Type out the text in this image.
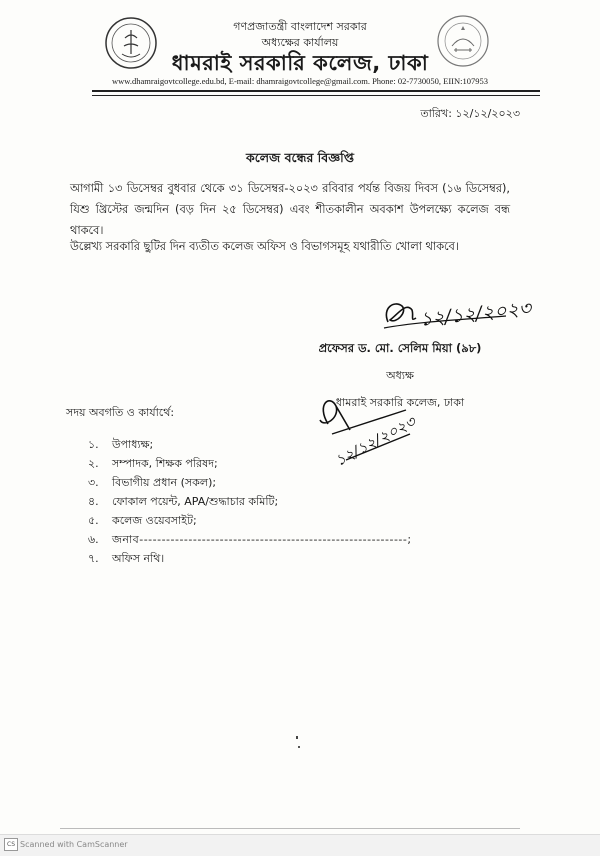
গণপ্রজাতন্ত্রী বাংলাদেশ সরকার
অধ্যক্ষের কার্যালয়
ধামরাই সরকারি কলেজ, ঢাকা
www.dhamraigovtcollege.edu.bd, E-mail: dhamraigovtcollege@gmail.com. Phone: 02-7730050, EIIN:107953
তারিখ: ১২/১২/২০২৩
কলেজ বন্ধের বিজ্ঞপ্তি
আগামী ১৩ ডিসেম্বর বুধবার থেকে ৩১ ডিসেম্বর-২০২৩ রবিবার পর্যন্ত বিজয় দিবস (১৬ ডিসেম্বর), যিশু খ্রিস্টের জন্মদিন (বড় দিন ২৫ ডিসেম্বর) এবং শীতকালীন অবকাশ উপলক্ষ্যে কলেজ বন্ধ থাকবে।
উল্লেখ্য সরকারি ছুটির দিন ব্যতীত কলেজ অফিস ও বিভাগসমূহ যথারীতি খোলা থাকবে।
১২/১২/২০২৩
প্রফেসর ড. মো. সেলিম মিয়া (৯৮)
অধ্যক্ষ
ধামরাই সরকারি কলেজ, ঢাকা
১২/১২/২০২৩
সদয় অবগতি ও কার্যার্থে:
১. উপাধ্যক্ষ;
২. সম্পাদক, শিক্ষক পরিষদ;
৩. বিভাগীয় প্রধান (সকল);
৪. ফোকাল পয়েন্ট, APA/শুদ্ধাচার কমিটি;
৫. কলেজ ওয়েবসাইট;
৬. জনাব------------------------------------------------------------;
৭. অফিস নথি।
CS Scanned with CamScanner
